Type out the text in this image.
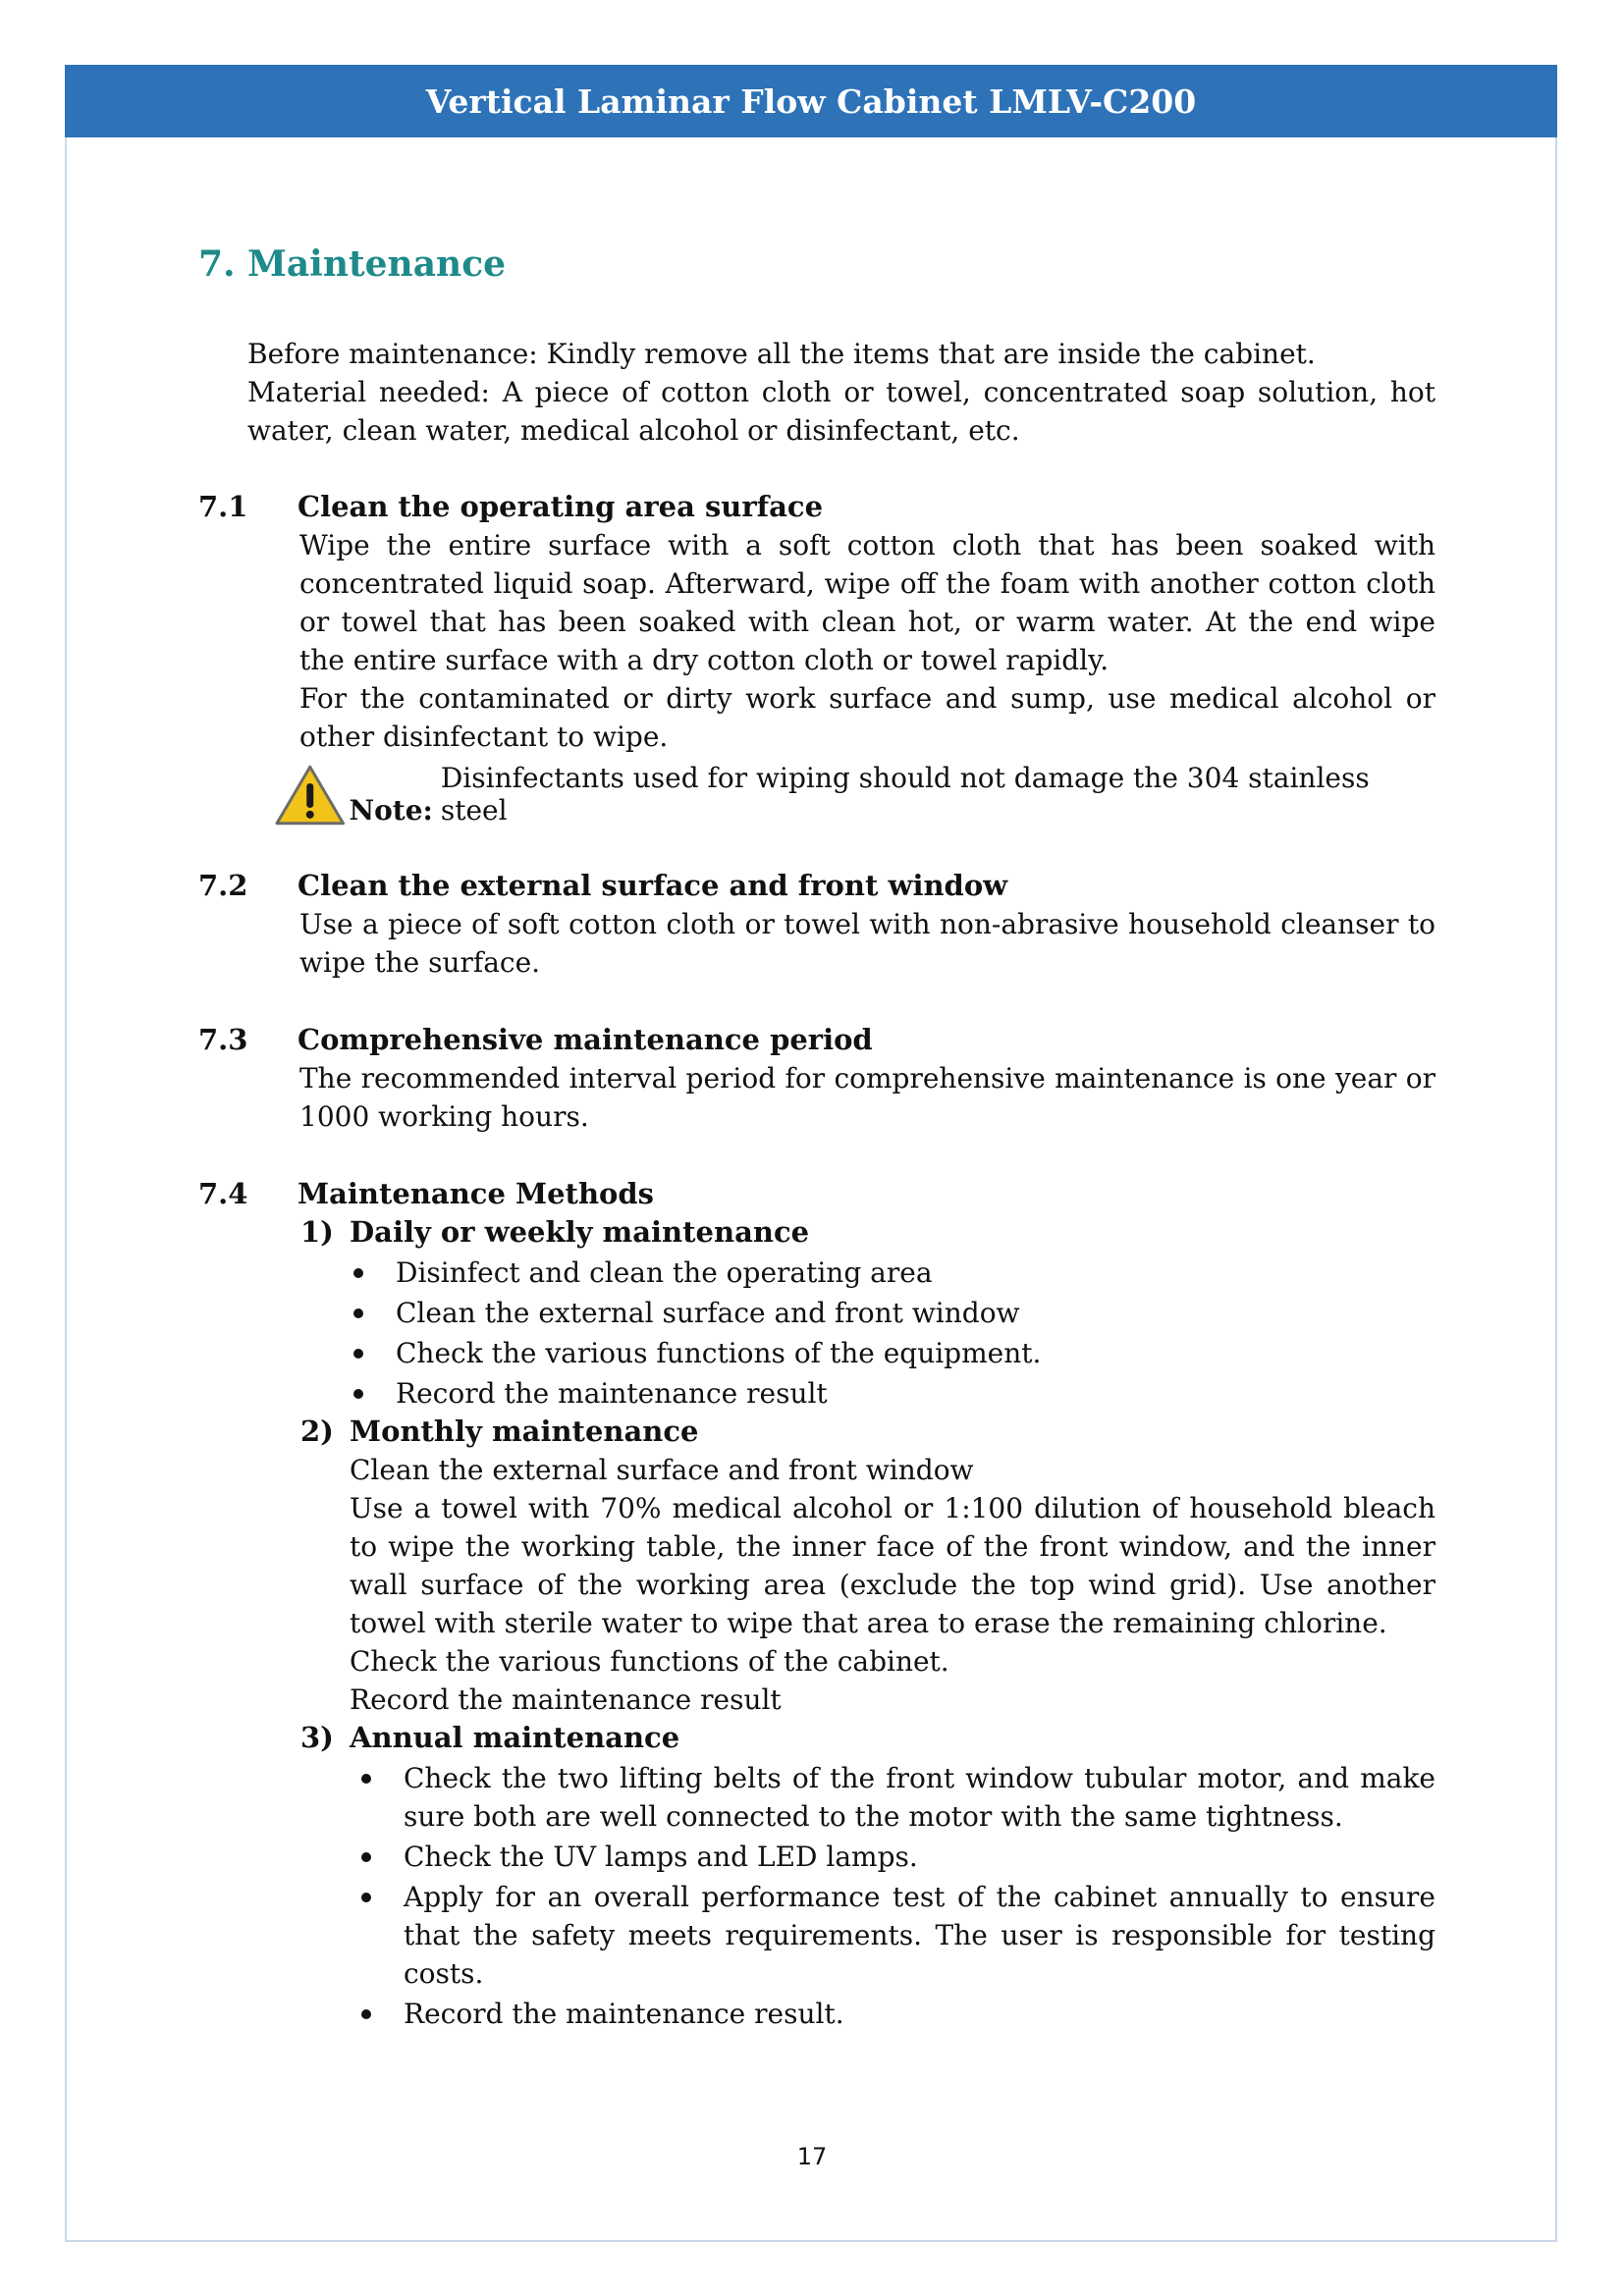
Vertical Laminar Flow Cabinet LMLV-C200
7. Maintenance

Before maintenance: Kindly remove all the items that are inside the cabinet.

Material needed: A piece of cotton cloth or towel, concentrated soap solution, hot water, clean water, medical alcohol or disinfectant, etc.

7.1 Clean the operating area surface

Wipe the entire surface with a soft cotton cloth that has been soaked with concentrated liquid soap. Afterward, wipe off the foam with another cotton cloth or towel that has been soaked with clean hot, or warm water. At the end wipe the entire surface with a dry cotton cloth or towel rapidly.

For the contaminated or dirty work surface and sump, use medical alcohol or other disinfectant to wipe.

Note:
Disinfectants used for wiping should not damage the 304 stainless steel
7.2 Clean the external surface and front window

Use a piece of soft cotton cloth or towel with non-abrasive household cleanser to wipe the surface.

7.3 Comprehensive maintenance period

The recommended interval period for comprehensive maintenance is one year or 1000 working hours.

7.4 Maintenance Methods
1) Daily or weekly maintenance
Disinfect and clean the operating area
Clean the external surface and front window
Check the various functions of the equipment.
Record the maintenance result
2) Monthly maintenance

Clean the external surface and front window

Use a towel with 70% medical alcohol or 1:100 dilution of household bleach to wipe the working table, the inner face of the front window, and the inner wall surface of the working area (exclude the top wind grid). Use another towel with sterile water to wipe that area to erase the remaining chlorine.

Check the various functions of the cabinet.

Record the maintenance result

3) Annual maintenance
Check the two lifting belts of the front window tubular motor, and make sure both are well connected to the motor with the same tightness.
Check the UV lamps and LED lamps.
Apply for an overall performance test of the cabinet annually to ensure that the safety meets requirements. The user is responsible for testing costs.
Record the maintenance result.
17
